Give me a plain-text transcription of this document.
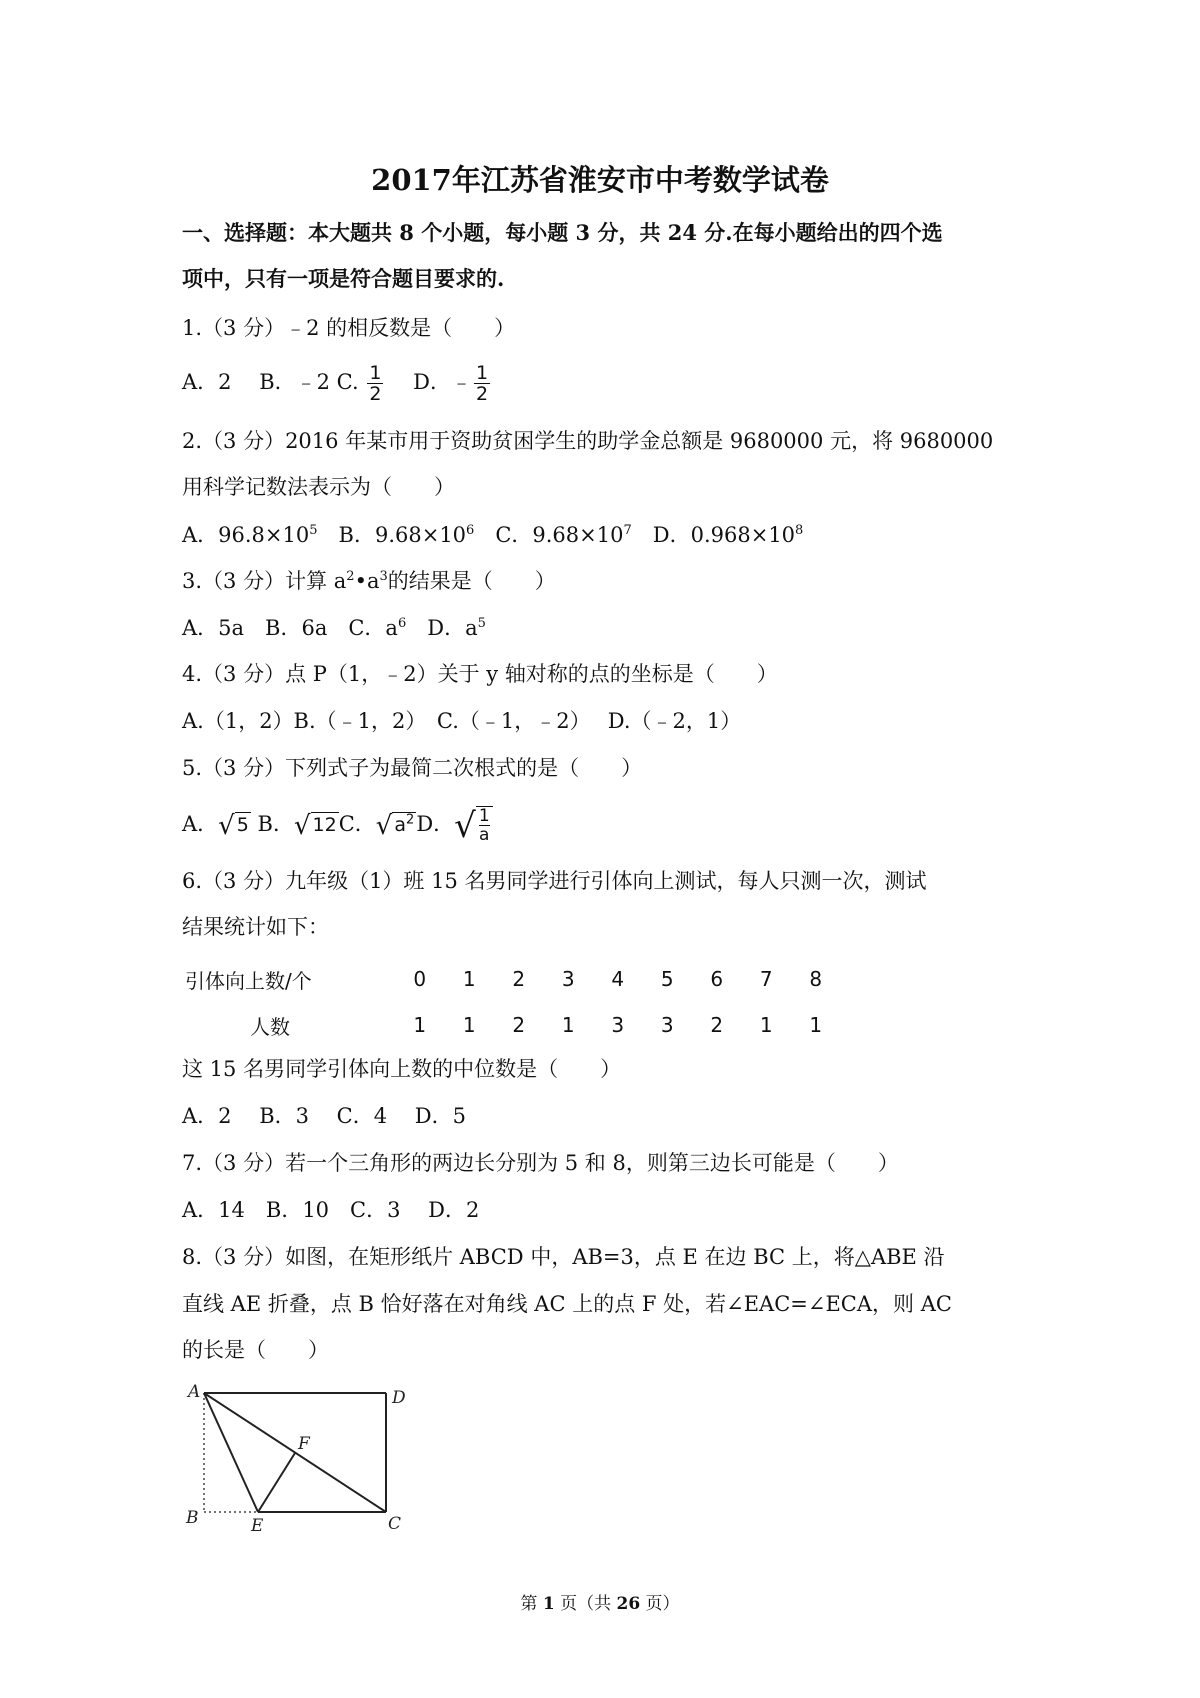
2017年江苏省淮安市中考数学试卷
一、选择题：本大题共 8 个小题，每小题 3 分，共 24 分.在每小题给出的四个选
项中，只有一项是符合题目要求的.
1.（3 分）﹣2 的相反数是（　　）
A．2　 B．﹣2 C. $\frac{1}{2}$ 　D．﹣ $\frac{1}{2}$
2.（3 分）2016 年某市用于资助贫困学生的助学金总额是 9680000 元，将 9680000
用科学记数法表示为（　　）
A．$96.8\times 10^5$　B．$9.68\times 10^6$　C．$9.68\times 10^7$　D．$0.968\times 10^8$
3.（3 分）计算 $a^2•a^3$的结果是（　　）
A．5a　B．6a　C．$a^6$　D．$a^5$
4.（3 分）点 P（1，﹣2）关于 y 轴对称的点的坐标是（　　）
A.（1，2）B.（﹣1，2）　C.（﹣1，﹣2）　 D.（﹣2，1）
5.（3 分）下列式子为最简二次根式的是（　　）
A． √ 5 B． √ 12 C． √ $a^2$ D． √ $\frac{1}{a}$
6.（3 分）九年级（1）班 15 名男同学进行引体向上测试，每人只测一次，测试
结果统计如下：
引体向上数/个	0	1	2	3	4	5	6	7	8
人数	1	1	2	1	3	3	2	1	1
这 15 名男同学引体向上数的中位数是（　　）
A．2　 B．3　 C．4　 D．5
7.（3 分）若一个三角形的两边长分别为 5 和 8，则第三边长可能是（　　）
A．14　B．10　C．3　 D．2
8.（3 分）如图，在矩形纸片 ABCD 中，AB=3，点 E 在边 BC 上，将△ABE 沿
直线 AE 折叠，点 B 恰好落在对角线 AC 上的点 F 处，若∠EAC=∠ECA，则 AC
的长是（　　）
A	D
B	E	C
F
第 1 页（共 26 页）
